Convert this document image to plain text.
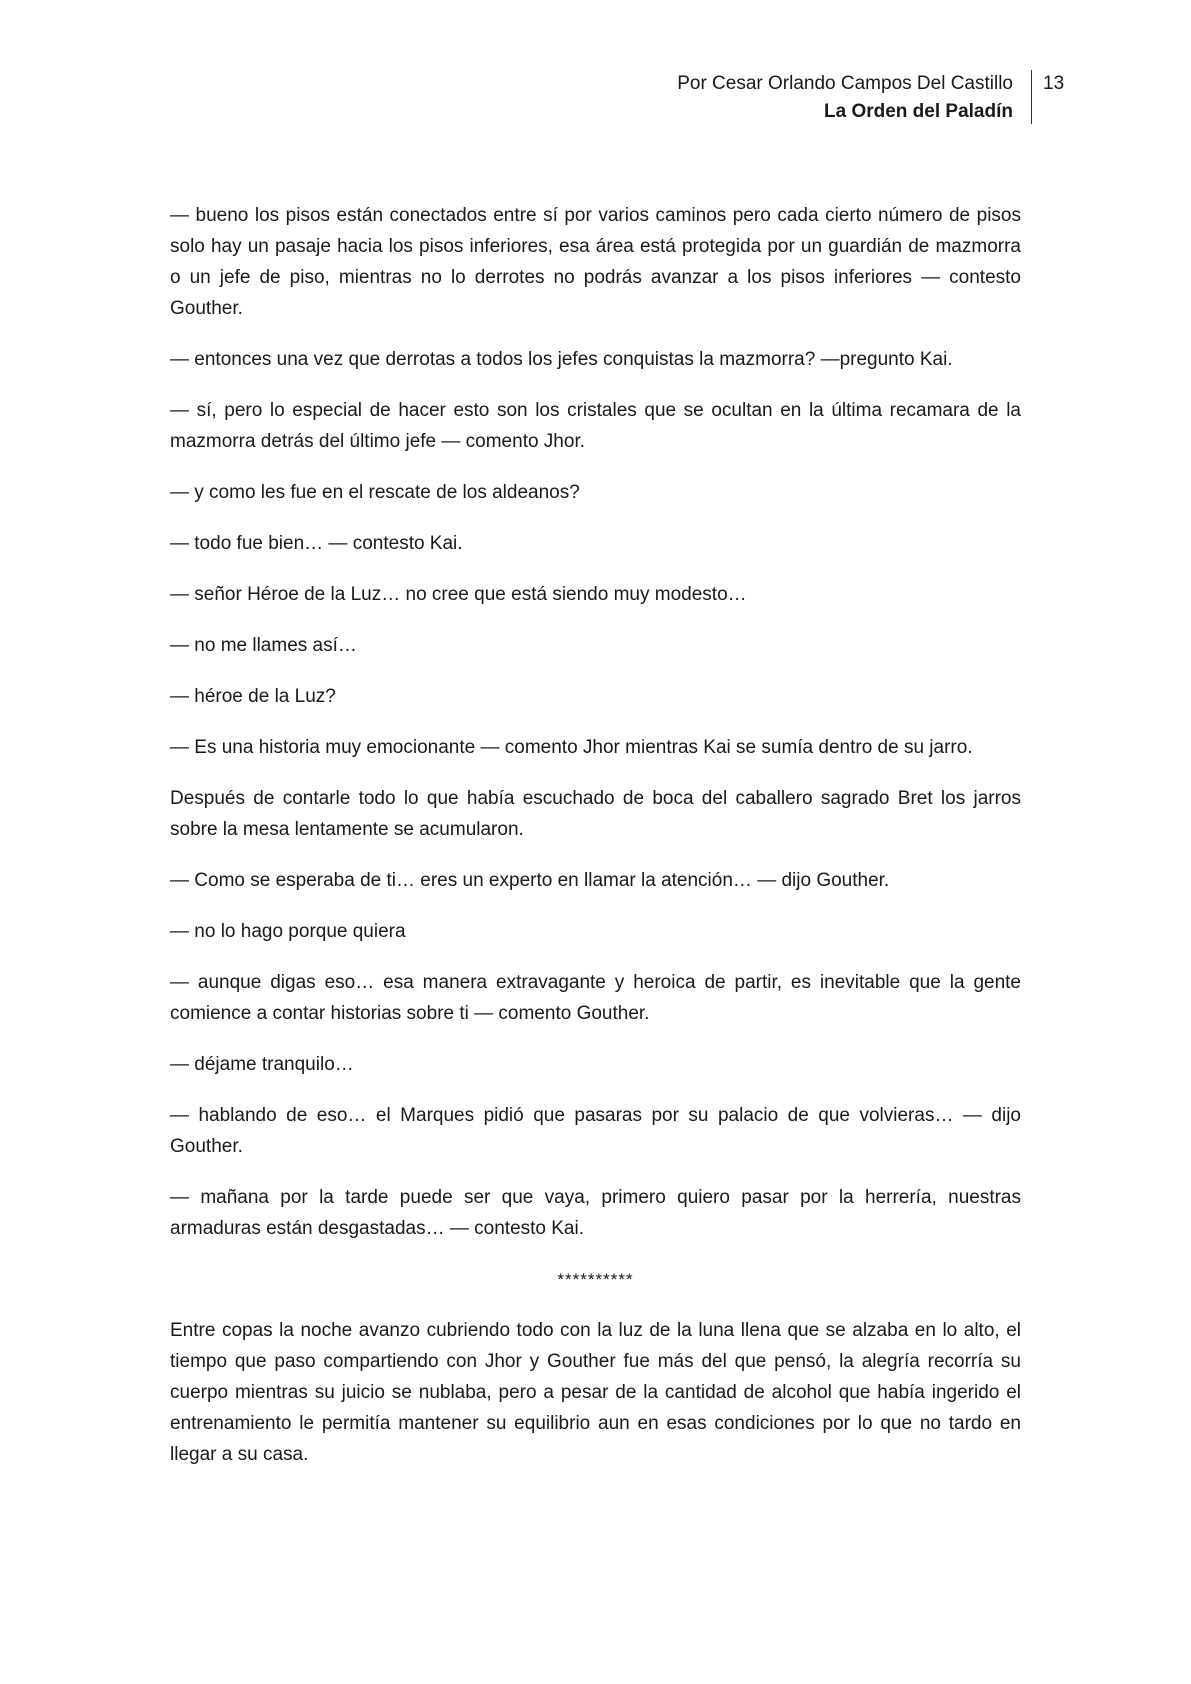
Por Cesar Orlando Campos Del Castillo
La Orden del Paladín
13

— bueno los pisos están conectados entre sí por varios caminos pero cada cierto número de pisos solo hay un pasaje hacia los pisos inferiores, esa área está protegida por un guardián de mazmorra o un jefe de piso, mientras no lo derrotes no podrás avanzar a los pisos inferiores — contesto Gouther.

— entonces una vez que derrotas a todos los jefes conquistas la mazmorra? —pregunto Kai.

— sí, pero lo especial de hacer esto son los cristales que se ocultan en la última recamara de la mazmorra detrás del último jefe — comento Jhor.

— y como les fue en el rescate de los aldeanos?

— todo fue bien… — contesto Kai.

— señor Héroe de la Luz… no cree que está siendo muy modesto…

— no me llames así…

— héroe de la Luz?

— Es una historia muy emocionante — comento Jhor mientras Kai se sumía dentro de su jarro.

Después de contarle todo lo que había escuchado de boca del caballero sagrado Bret los jarros sobre la mesa lentamente se acumularon.

— Como se esperaba de ti… eres un experto en llamar la atención… — dijo Gouther.

— no lo hago porque quiera

— aunque digas eso… esa manera extravagante y heroica de partir, es inevitable que la gente comience a contar historias sobre ti — comento Gouther.

— déjame tranquilo…

— hablando de eso… el Marques pidió que pasaras por su palacio de que volvieras… — dijo Gouther.

— mañana por la tarde puede ser que vaya, primero quiero pasar por la herrería, nuestras armaduras están desgastadas… — contesto Kai.

**********

Entre copas la noche avanzo cubriendo todo con la luz de la luna llena que se alzaba en lo alto, el tiempo que paso compartiendo con Jhor y Gouther fue más del que pensó, la alegría recorría su cuerpo mientras su juicio se nublaba, pero a pesar de la cantidad de alcohol que había ingerido el entrenamiento le permitía mantener su equilibrio aun en esas condiciones por lo que no tardo en llegar a su casa.
